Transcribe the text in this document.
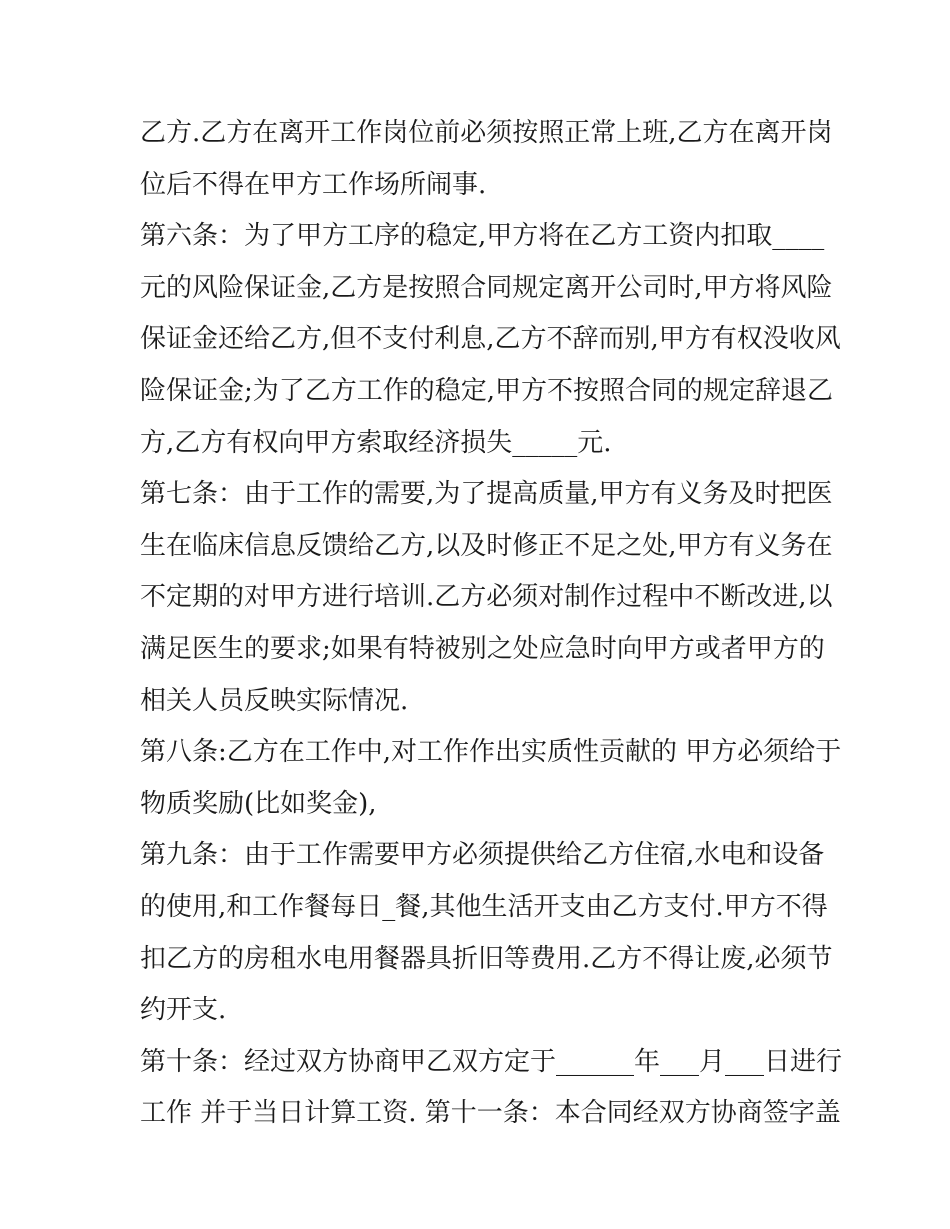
乙方.乙方在离开工作岗位前必须按照正常上班,乙方在离开岗
位后不得在甲方工作场所闹事.
第六条：为了甲方工序的稳定,甲方将在乙方工资内扣取____
元的风险保证金,乙方是按照合同规定离开公司时,甲方将风险
保证金还给乙方,但不支付利息,乙方不辞而别,甲方有权没收风
险保证金;为了乙方工作的稳定,甲方不按照合同的规定辞退乙
方,乙方有权向甲方索取经济损失_____元.
第七条：由于工作的需要,为了提高质量,甲方有义务及时把医
生在临床信息反馈给乙方,以及时修正不足之处,甲方有义务在
不定期的对甲方进行培训.乙方必须对制作过程中不断改进,以
满足医生的要求;如果有特被别之处应急时向甲方或者甲方的
相关人员反映实际情况.
第八条:乙方在工作中,对工作作出实质性贡献的 甲方必须给于
物质奖励(比如奖金),
第九条：由于工作需要甲方必须提供给乙方住宿,水电和设备
的使用,和工作餐每日_餐,其他生活开支由乙方支付.甲方不得
扣乙方的房租水电用餐器具折旧等费用.乙方不得让废,必须节
约开支.
第十条：经过双方协商甲乙双方定于______年___月___日进行
工作 并于当日计算工资. 第十一条：本合同经双方协商签字盖
